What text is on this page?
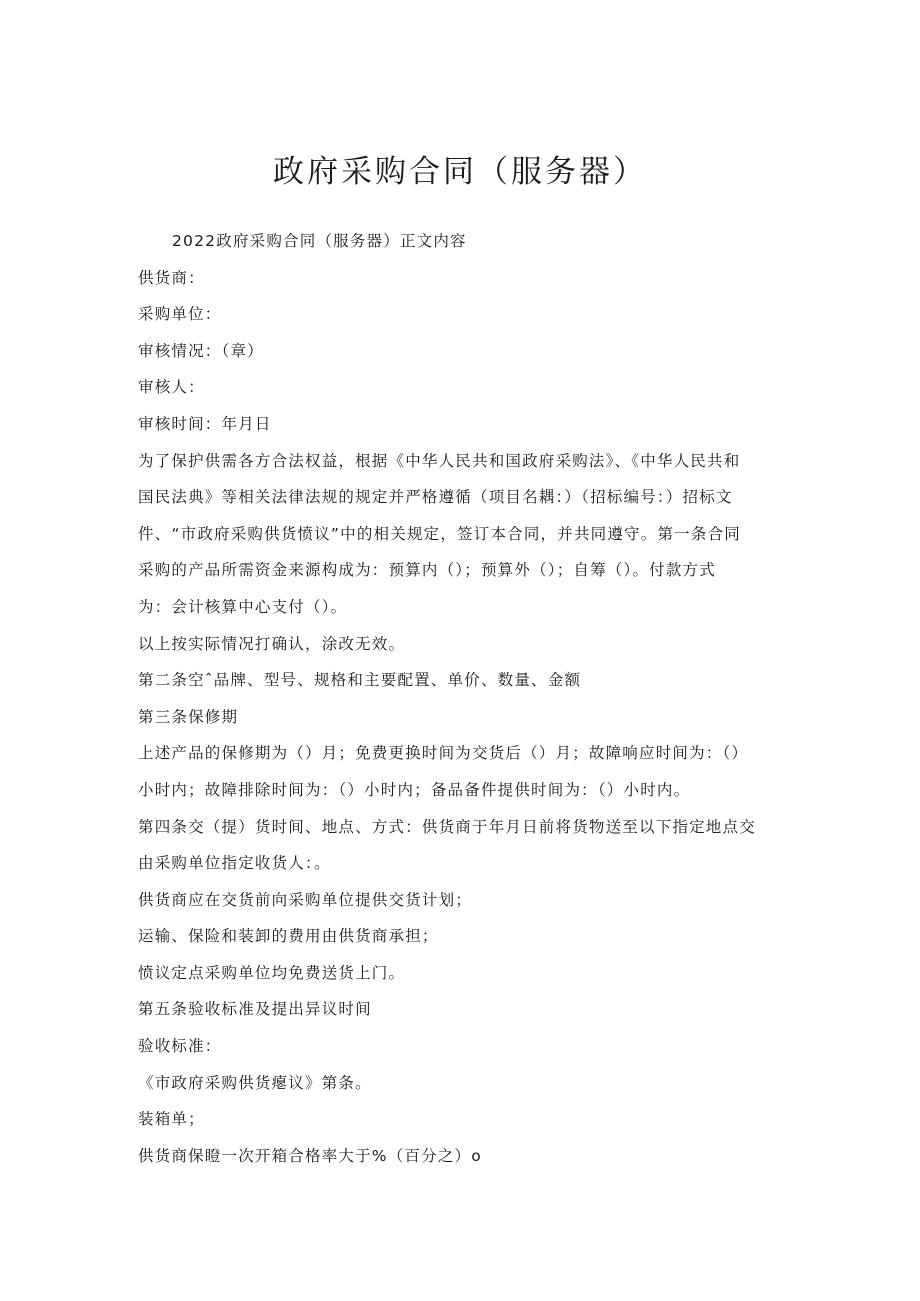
政府采购合同（服务器）

2022政府采购合同（服务器）正文内容

供货商：

采购单位：

审核情况：（章）

审核人：

审核时间：年月日

为了保护供需各方合法权益，根据《中华人民共和国政府采购法》、《中华人民共和

国民法典》等相关法律法规的规定并严格遵循（项目名耦：）（招标编号：）招标文

件、“市政府采购供货愤议”中的相关规定，签订本合同，并共同遵守。第一条合同

采购的产品所需资金来源构成为：预算内（）；预算外（）；自筹（）。付款方式

为：会计核算中心支付（）。

以上按实际情况打确认，涂改无效。

第二条空ˆ品牌、型号、规格和主要配置、单价、数量、金额

第三条保修期

上述产品的保修期为（）月；免费更换时间为交货后（）月；故障响应时间为：（）

小时内；故障排除时间为：（）小时内；备品备件提供时间为：（）小时内。

第四条交（提）货时间、地点、方式：供货商于年月日前将货物送至以下指定地点交

由采购单位指定收货人：。

供货商应在交货前向采购单位提供交货计划；

运输、保险和装卸的费用由供货商承担；

愤议定点采购单位均免费送货上门。

第五条验收标准及提出异议时间

验收标准：

《市政府采购供货瘪议》第条。

装箱单；

供货商保瞪一次开箱合格率大于%（百分之）o
